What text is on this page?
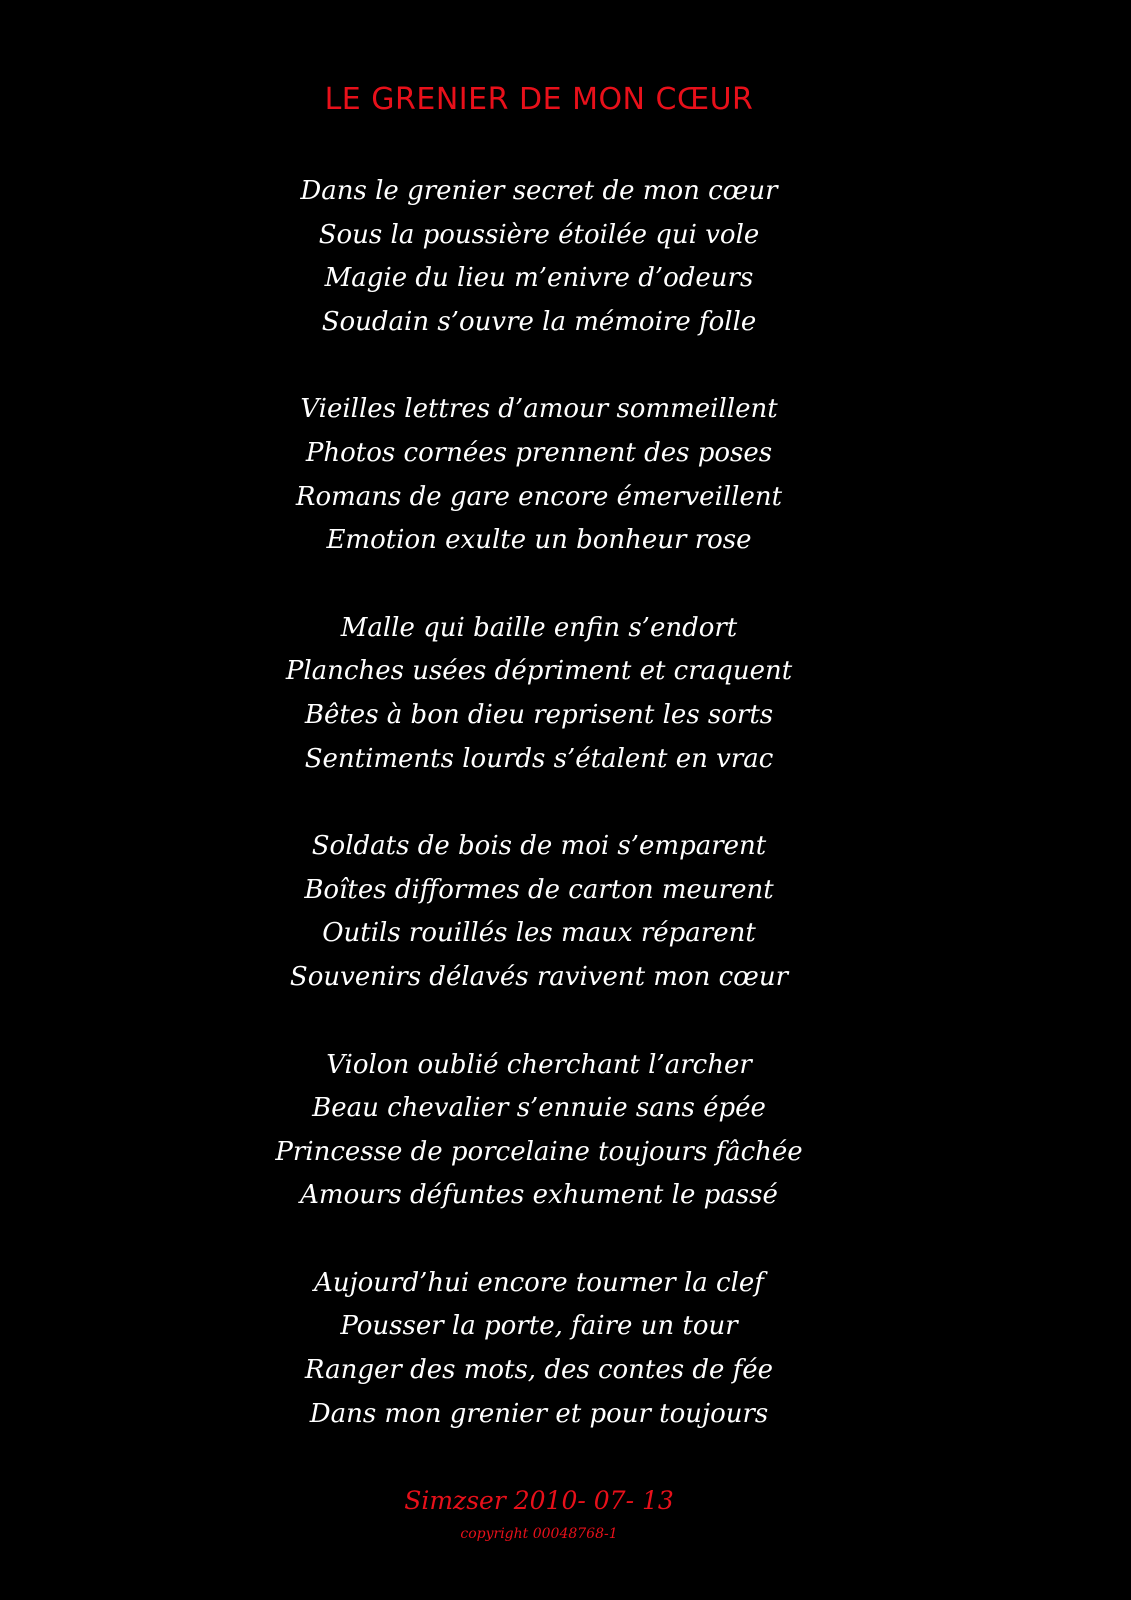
LE GRENIER DE MON CŒUR
Dans le grenier secret de mon cœur
Sous la poussière étoilée qui vole
Magie du lieu m’enivre d’odeurs
Soudain s’ouvre la mémoire folle
Vieilles lettres d’amour sommeillent
Photos cornées prennent des poses
Romans de gare encore émerveillent
Emotion exulte un bonheur rose
Malle qui baille enfin s’endort
Planches usées dépriment et craquent
Bêtes à bon dieu reprisent les sorts
Sentiments lourds s’étalent en vrac
Soldats de bois de moi s’emparent
Boîtes difformes de carton meurent
Outils rouillés les maux réparent
Souvenirs délavés ravivent mon cœur
Violon oublié cherchant l’archer
Beau chevalier s’ennuie sans épée
Princesse de porcelaine toujours fâchée
Amours défuntes exhument le passé
Aujourd’hui encore tourner la clef
Pousser la porte, faire un tour
Ranger des mots, des contes de fée
Dans mon grenier et pour toujours
Simzser 2010- 07- 13
copyright 00048768-1
